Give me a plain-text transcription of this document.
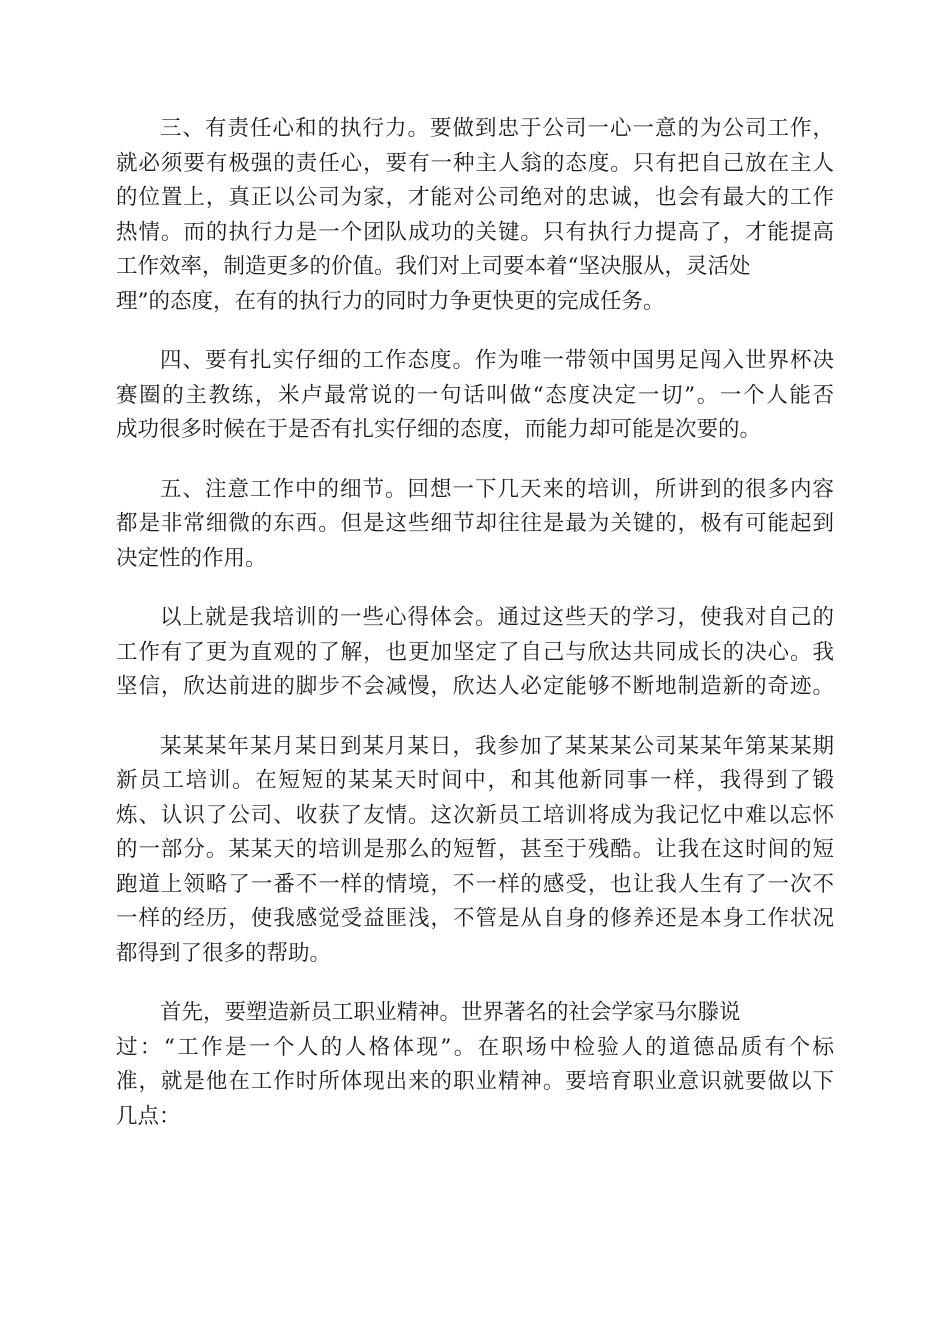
三、有责任心和的执行力。要做到忠于公司一心一意的为公司工作，
就必须要有极强的责任心，要有一种主人翁的态度。只有把自己放在主人
的位置上，真正以公司为家，才能对公司绝对的忠诚，也会有最大的工作
热情。而的执行力是一个团队成功的关键。只有执行力提高了，才能提高
工作效率，制造更多的价值。我们对上司要本着“坚决服从，灵活处
理”的态度，在有的执行力的同时力争更快更的完成任务。
四、要有扎实仔细的工作态度。作为唯一带领中国男足闯入世界杯决
赛圈的主教练，米卢最常说的一句话叫做“态度决定一切”。一个人能否
成功很多时候在于是否有扎实仔细的态度，而能力却可能是次要的。
五、注意工作中的细节。回想一下几天来的培训，所讲到的很多内容
都是非常细微的东西。但是这些细节却往往是最为关键的，极有可能起到
决定性的作用。
以上就是我培训的一些心得体会。通过这些天的学习，使我对自己的
工作有了更为直观的了解，也更加坚定了自己与欣达共同成长的决心。我
坚信，欣达前进的脚步不会减慢，欣达人必定能够不断地制造新的奇迹。
某某某年某月某日到某月某日，我参加了某某某公司某某年第某某期
新员工培训。在短短的某某天时间中，和其他新同事一样，我得到了锻
炼、认识了公司、收获了友情。这次新员工培训将成为我记忆中难以忘怀
的一部分。某某天的培训是那么的短暂，甚至于残酷。让我在这时间的短
跑道上领略了一番不一样的情境，不一样的感受，也让我人生有了一次不
一样的经历，使我感觉受益匪浅，不管是从自身的修养还是本身工作状况
都得到了很多的帮助。
首先，要塑造新员工职业精神。世界著名的社会学家马尔滕说
过：“工作是一个人的人格体现”。在职场中检验人的道德品质有个标
准，就是他在工作时所体现出来的职业精神。要培育职业意识就要做以下
几点：
